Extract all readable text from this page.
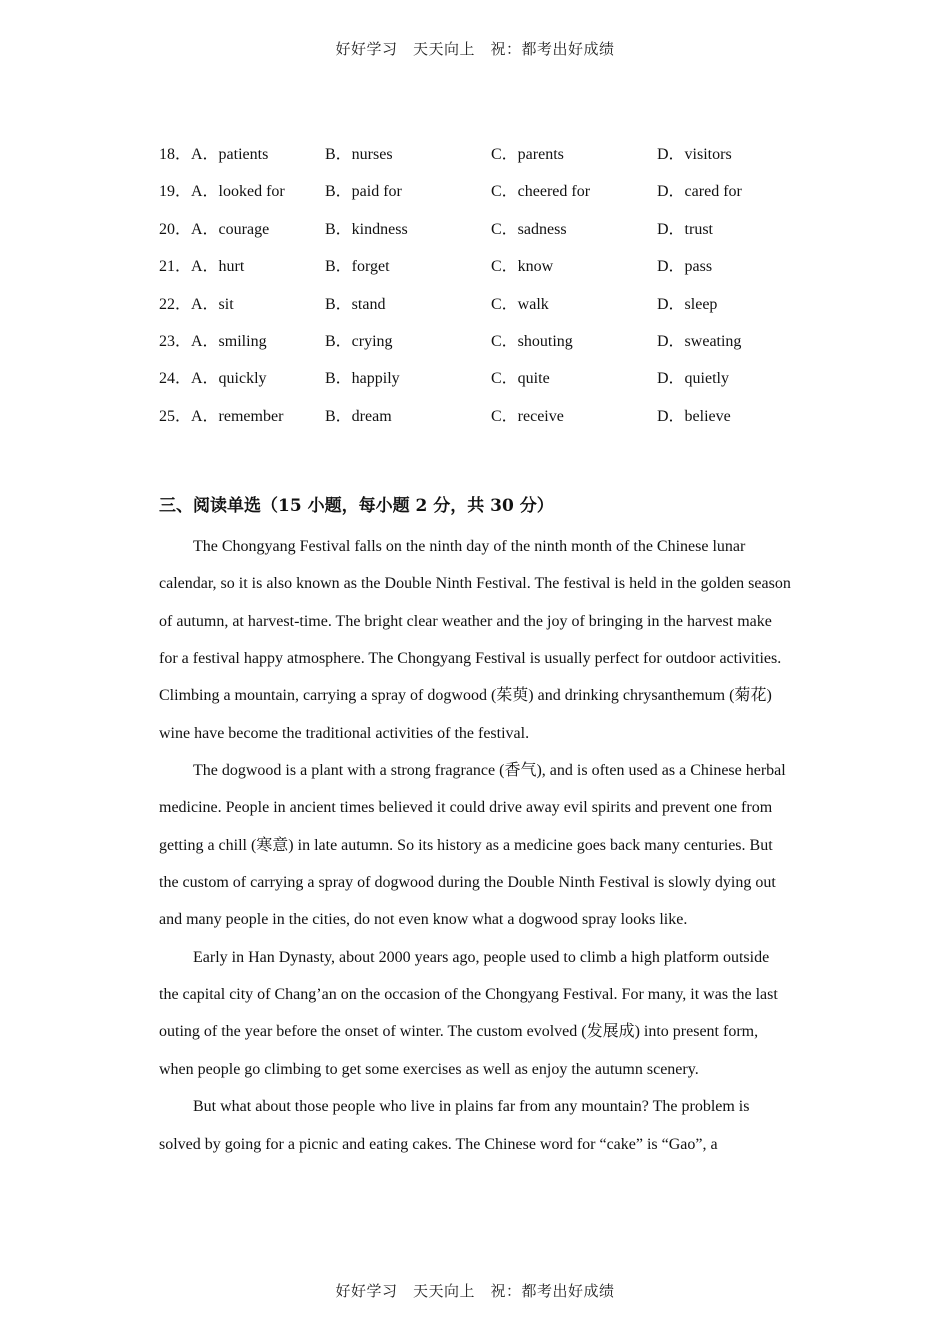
好好学习　天天向上　祝：都考出好成绩
18．A．patients	B．nurses	C．parents	D．visitors
19．A．looked for	B．paid for	C．cheered for	D．cared for
20．A．courage	B．kindness	C．sadness	D．trust
21．A．hurt	B．forget	C．know	D．pass
22．A．sit	B．stand	C．walk	D．sleep
23．A．smiling	B．crying	C．shouting	D．sweating
24．A．quickly	B．happily	C．quite	D．quietly
25．A．remember	B．dream	C．receive	D．believe
三、阅读单选（15 小题，每小题 2 分，共 30 分）

The Chongyang Festival falls on the ninth day of the ninth month of the Chinese lunar calendar, so it is also known as the Double Ninth Festival. The festival is held in the golden season of autumn, at harvest-time. The bright clear weather and the joy of bringing in the harvest make for a festival happy atmosphere. The Chongyang Festival is usually perfect for outdoor activities. Climbing a mountain, carrying a spray of dogwood (茱萸) and drinking chrysanthemum (菊花) wine have become the traditional activities of the festival.

The dogwood is a plant with a strong fragrance (香气), and is often used as a Chinese herbal medicine. People in ancient times believed it could drive away evil spirits and prevent one from getting a chill (寒意) in late autumn. So its history as a medicine goes back many centuries. But the custom of carrying a spray of dogwood during the Double Ninth Festival is slowly dying out and many people in the cities, do not even know what a dogwood spray looks like.

Early in Han Dynasty, about 2000 years ago, people used to climb a high platform outside the capital city of Chang’an on the occasion of the Chongyang Festival. For many, it was the last outing of the year before the onset of winter. The custom evolved (发展成) into present form, when people go climbing to get some exercises as well as enjoy the autumn scenery.

But what about those people who live in plains far from any mountain? The problem is solved by going for a picnic and eating cakes. The Chinese word for “cake” is “Gao”, a

好好学习　天天向上　祝：都考出好成绩
